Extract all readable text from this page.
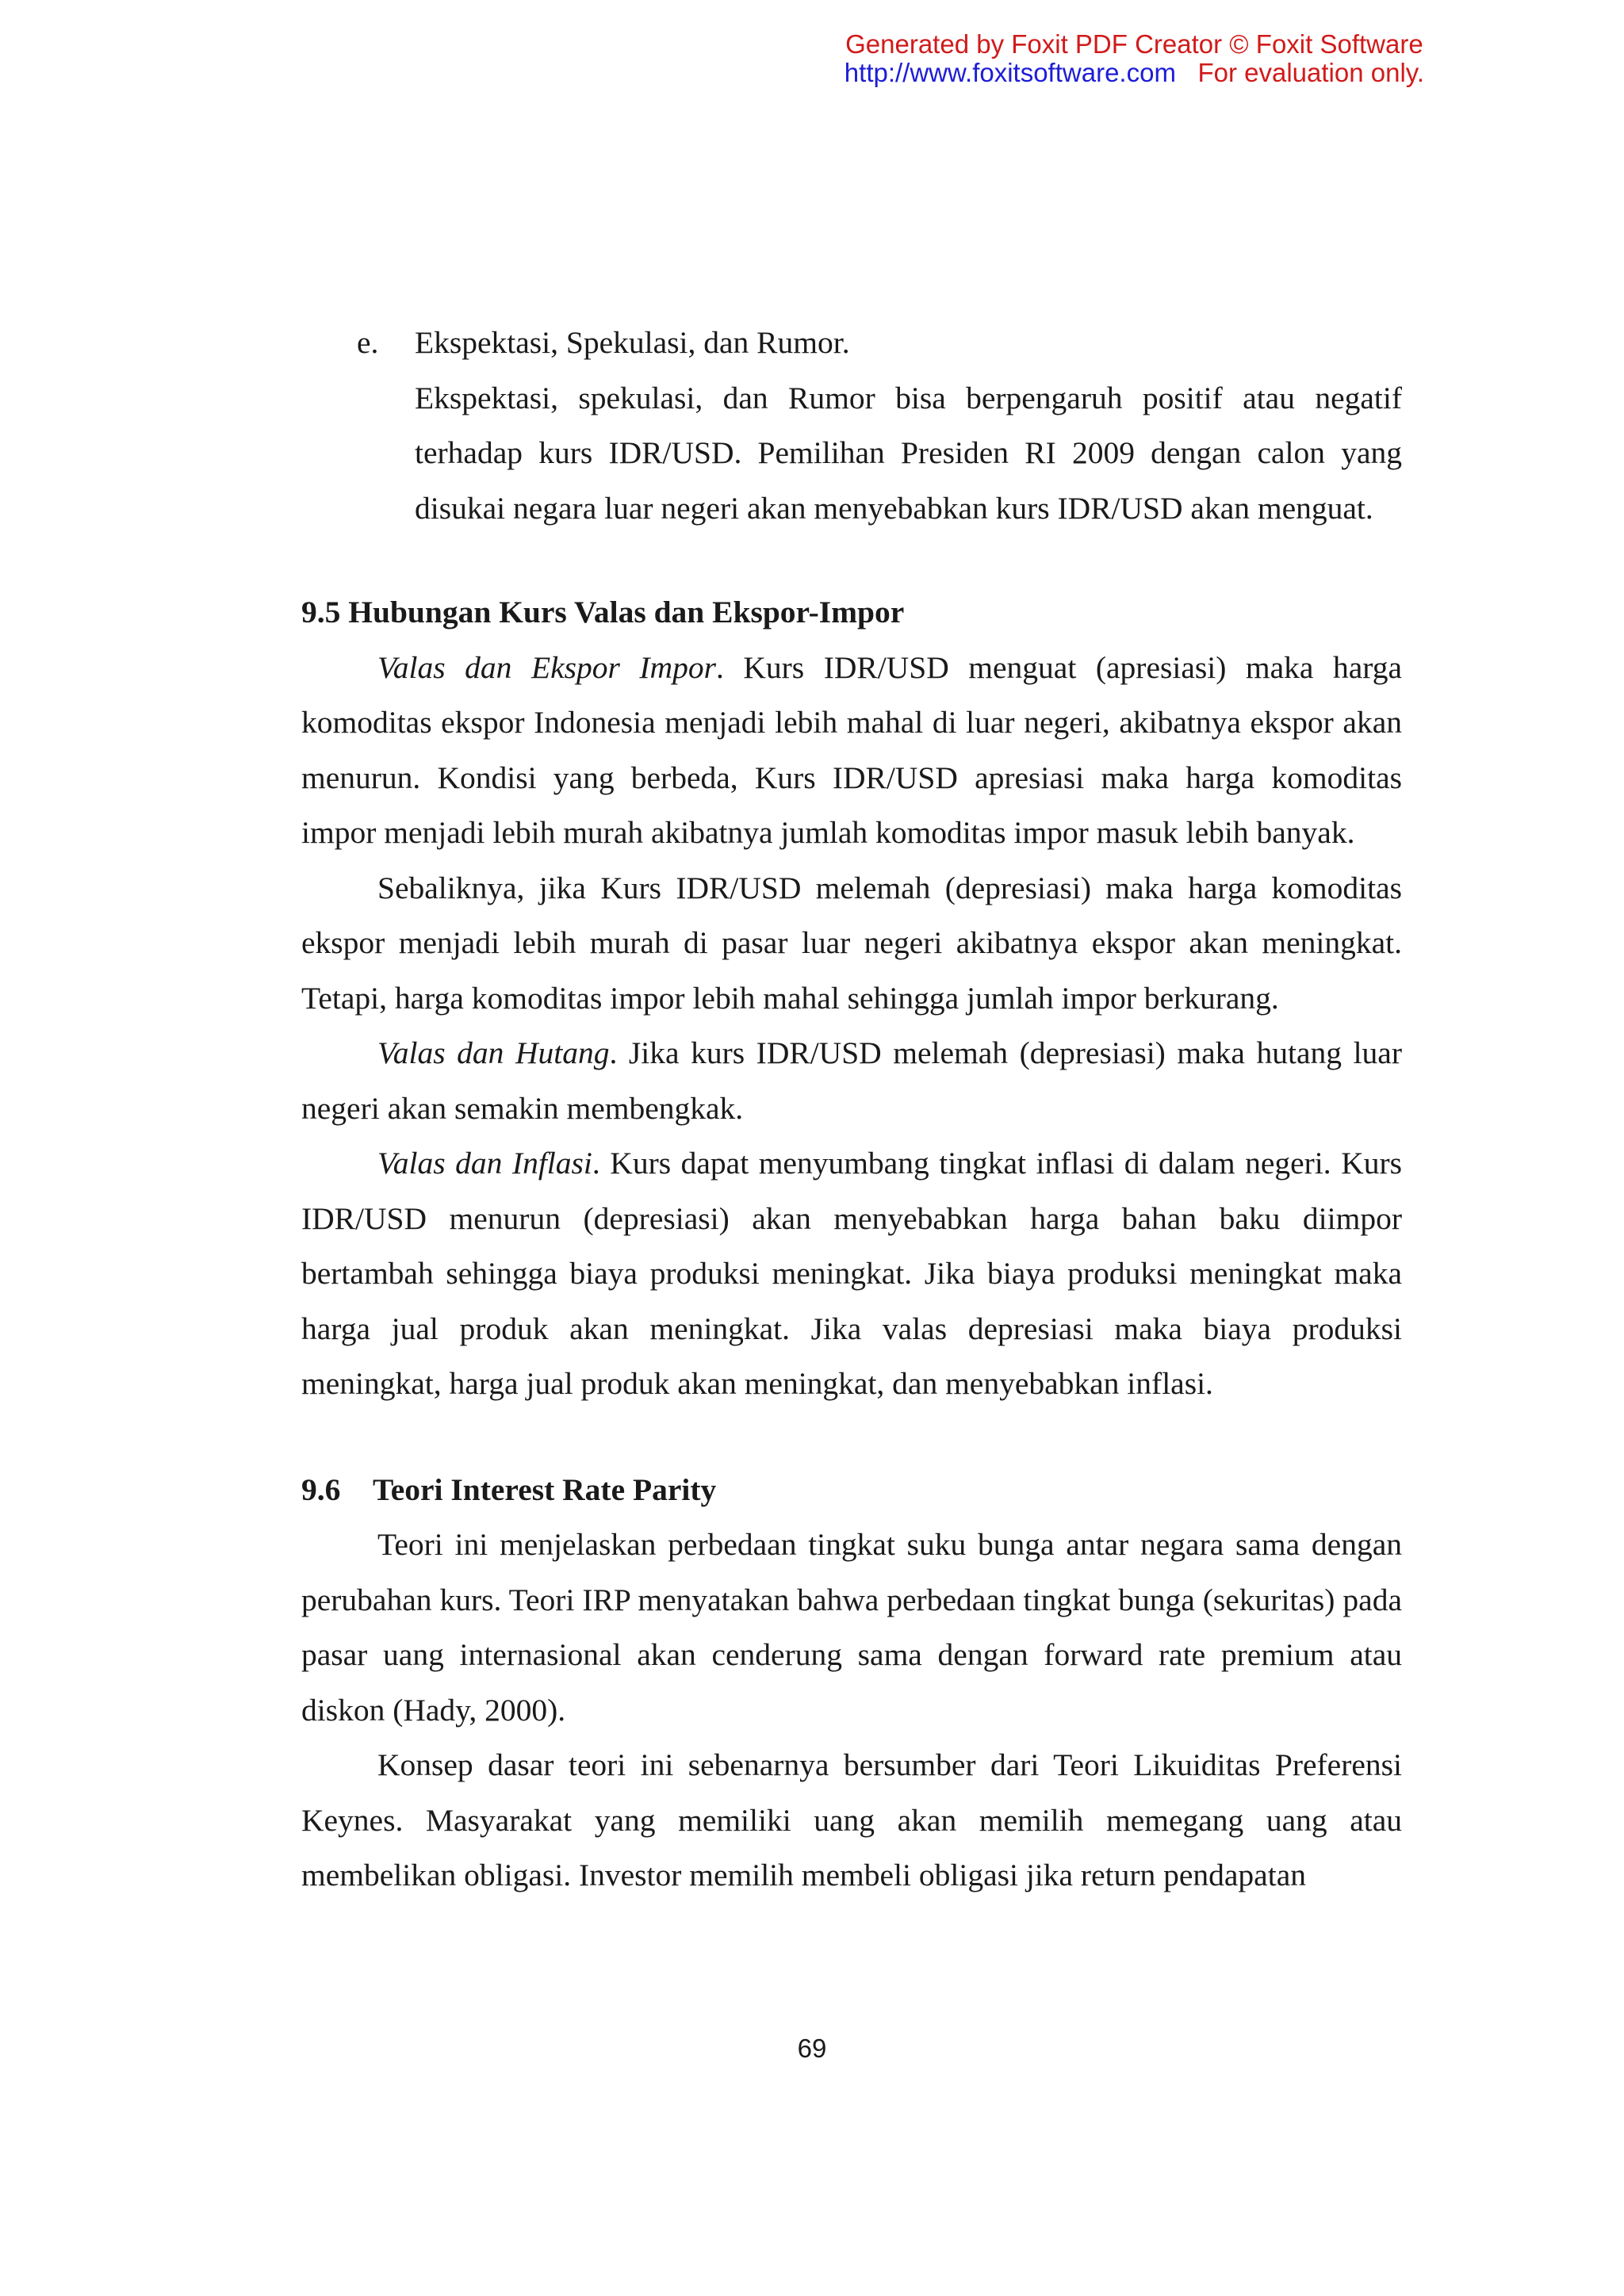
Generated by Foxit PDF Creator © Foxit Software
http://www.foxitsoftware.com For evaluation only.
e. Ekspektasi, Spekulasi, dan Rumor.

Ekspektasi, spekulasi, dan Rumor bisa berpengaruh positif atau negatif terhadap kurs IDR/USD. Pemilihan Presiden RI 2009 dengan calon yang disukai negara luar negeri akan menyebabkan kurs IDR/USD akan menguat.

9.5 Hubungan Kurs Valas dan Ekspor-Impor

Valas dan Ekspor Impor. Kurs IDR/USD menguat (apresiasi) maka harga komoditas ekspor Indonesia menjadi lebih mahal di luar negeri, akibatnya ekspor akan menurun. Kondisi yang berbeda, Kurs IDR/USD apresiasi maka harga komoditas impor menjadi lebih murah akibatnya jumlah komoditas impor masuk lebih banyak.

Sebaliknya, jika Kurs IDR/USD melemah (depresiasi) maka harga komoditas ekspor menjadi lebih murah di pasar luar negeri akibatnya ekspor akan meningkat. Tetapi, harga komoditas impor lebih mahal sehingga jumlah impor berkurang.

Valas dan Hutang. Jika kurs IDR/USD melemah (depresiasi) maka hutang luar negeri akan semakin membengkak.

Valas dan Inflasi. Kurs dapat menyumbang tingkat inflasi di dalam negeri. Kurs IDR/USD menurun (depresiasi) akan menyebabkan harga bahan baku diimpor bertambah sehingga biaya produksi meningkat. Jika biaya produksi meningkat maka harga jual produk akan meningkat. Jika valas depresiasi maka biaya produksi meningkat, harga jual produk akan meningkat, dan menyebabkan inflasi.

9.6 Teori Interest Rate Parity

Teori ini menjelaskan perbedaan tingkat suku bunga antar negara sama dengan perubahan kurs. Teori IRP menyatakan bahwa perbedaan tingkat bunga (sekuritas) pada pasar uang internasional akan cenderung sama dengan forward rate premium atau diskon (Hady, 2000).

Konsep dasar teori ini sebenarnya bersumber dari Teori Likuiditas Preferensi Keynes. Masyarakat yang memiliki uang akan memilih memegang uang atau membelikan obligasi. Investor memilih membeli obligasi jika return pendapatan

69
